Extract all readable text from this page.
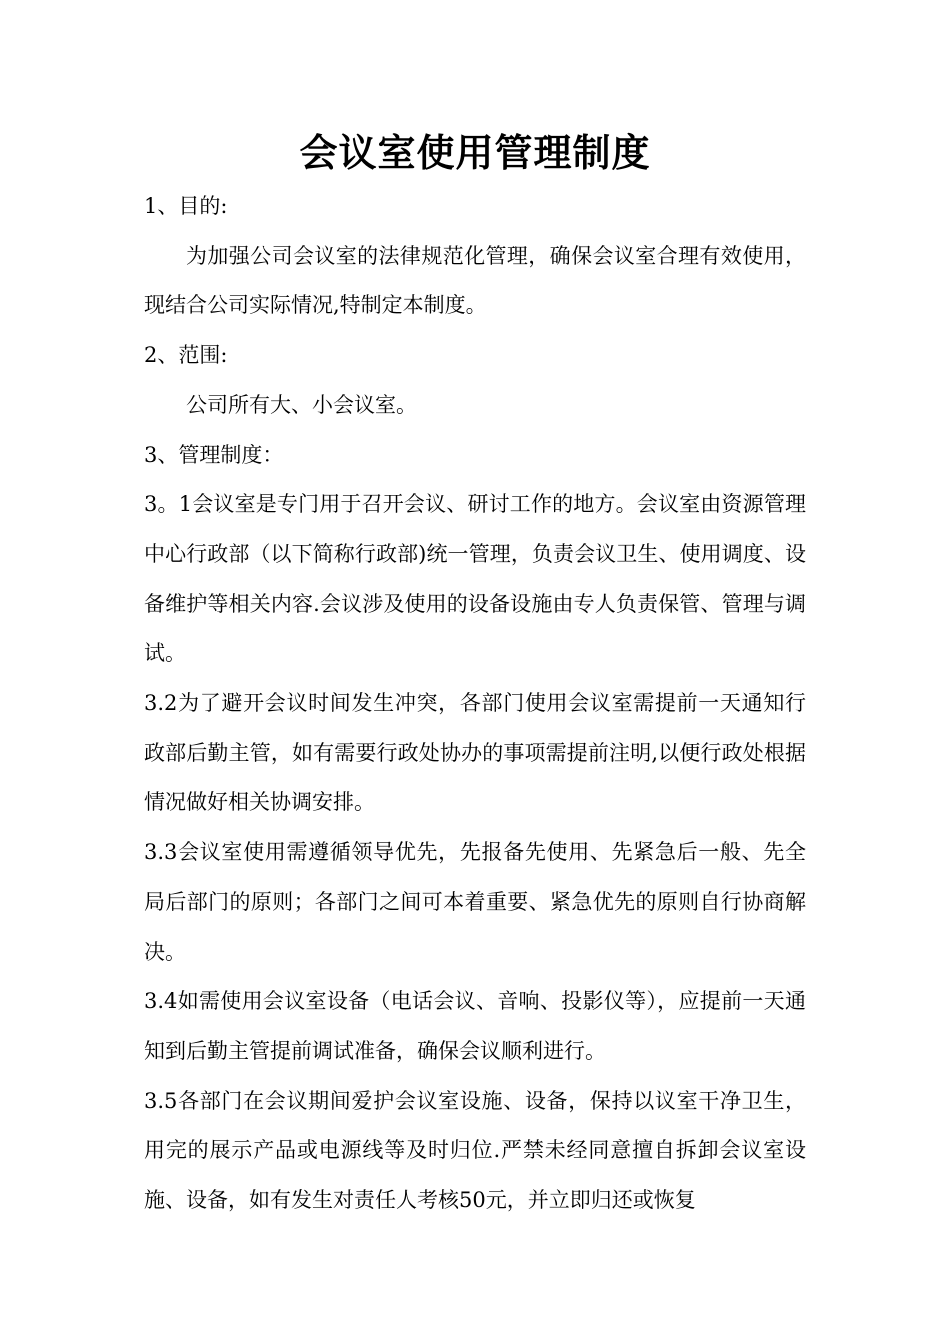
会议室使用管理制度

1、目的:

为加强公司会议室的法律规范化管理，确保会议室合理有效使用，现结合公司实际情况,特制定本制度。

2、范围:

公司所有大、小会议室。

3、管理制度：

3。1会议室是专门用于召开会议、研讨工作的地方。会议室由资源管理中心行政部（以下简称行政部)统一管理，负责会议卫生、使用调度、设备维护等相关内容.会议涉及使用的设备设施由专人负责保管、管理与调试。

3.2为了避开会议时间发生冲突，各部门使用会议室需提前一天通知行政部后勤主管，如有需要行政处协办的事项需提前注明,以便行政处根据情况做好相关协调安排。

3.3会议室使用需遵循领导优先，先报备先使用、先紧急后一般、先全局后部门的原则；各部门之间可本着重要、紧急优先的原则自行协商解决。

3.4如需使用会议室设备（电话会议、音响、投影仪等），应提前一天通知到后勤主管提前调试准备，确保会议顺利进行。

3.5各部门在会议期间爱护会议室设施、设备，保持以议室干净卫生，用完的展示产品或电源线等及时归位.严禁未经同意擅自拆卸会议室设施、设备，如有发生对责任人考核50元，并立即归还或恢复
